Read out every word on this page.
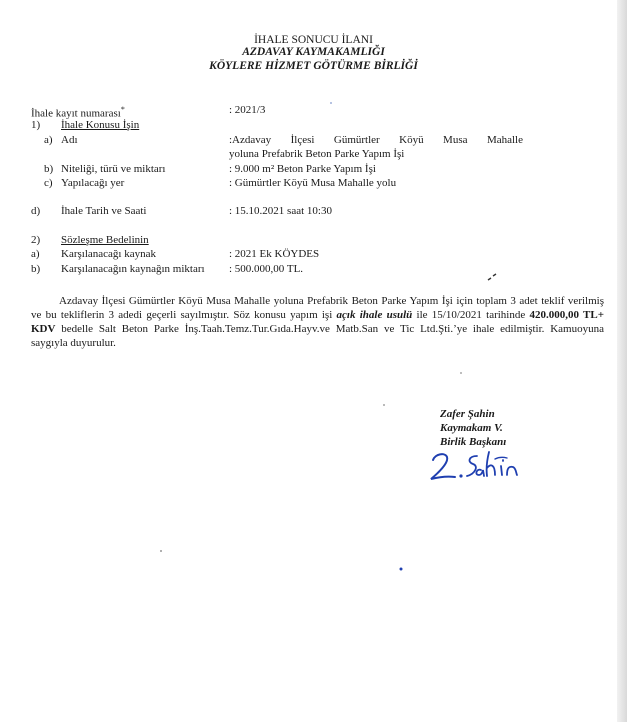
İHALE SONUCU İLANI
AZDAVAY KAYMAKAMLIĞI
KÖYLERE HİZMET GÖTÜRME BİRLİĞİ
İhale kayıt numarası*	: 2021/3
1) İhale Konusu İşin
a) Adı	:Azdavay İlçesi Gümürtler Köyü Musa Mahalle
yoluna Prefabrik Beton Parke Yapım İşi
b) Niteliği, türü ve miktarı	: 9.000 m² Beton Parke Yapım İşi
c) Yapılacağı yer	: Gümürtler Köyü Musa Mahalle yolu
d) İhale Tarih ve Saati	: 15.10.2021 saat 10:30
2) Sözleşme Bedelinin
a) Karşılanacağı kaynak	: 2021 Ek KÖYDES
b) Karşılanacağın kaynağın miktarı : 500.000,00 TL.
Azdavay İlçesi Gümürtler Köyü Musa Mahalle yoluna Prefabrik Beton Parke Yapım İşi için toplam 3 adet teklif verilmiş ve bu tekliflerin 3 adedi geçerli sayılmıştır. Söz konusu yapım işi açık ihale usulü ile 15/10/2021 tarihinde 420.000,00 TL+ KDV bedelle Salt Beton Parke İnş.Taah.Temz.Tur.Gıda.Hayv.ve Matb.San ve Tic Ltd.Şti.’ye ihale edilmiştir. Kamuoyuna saygıyla duyurulur.
Zafer Şahin
Kaymakam V.
Birlik Başkanı
